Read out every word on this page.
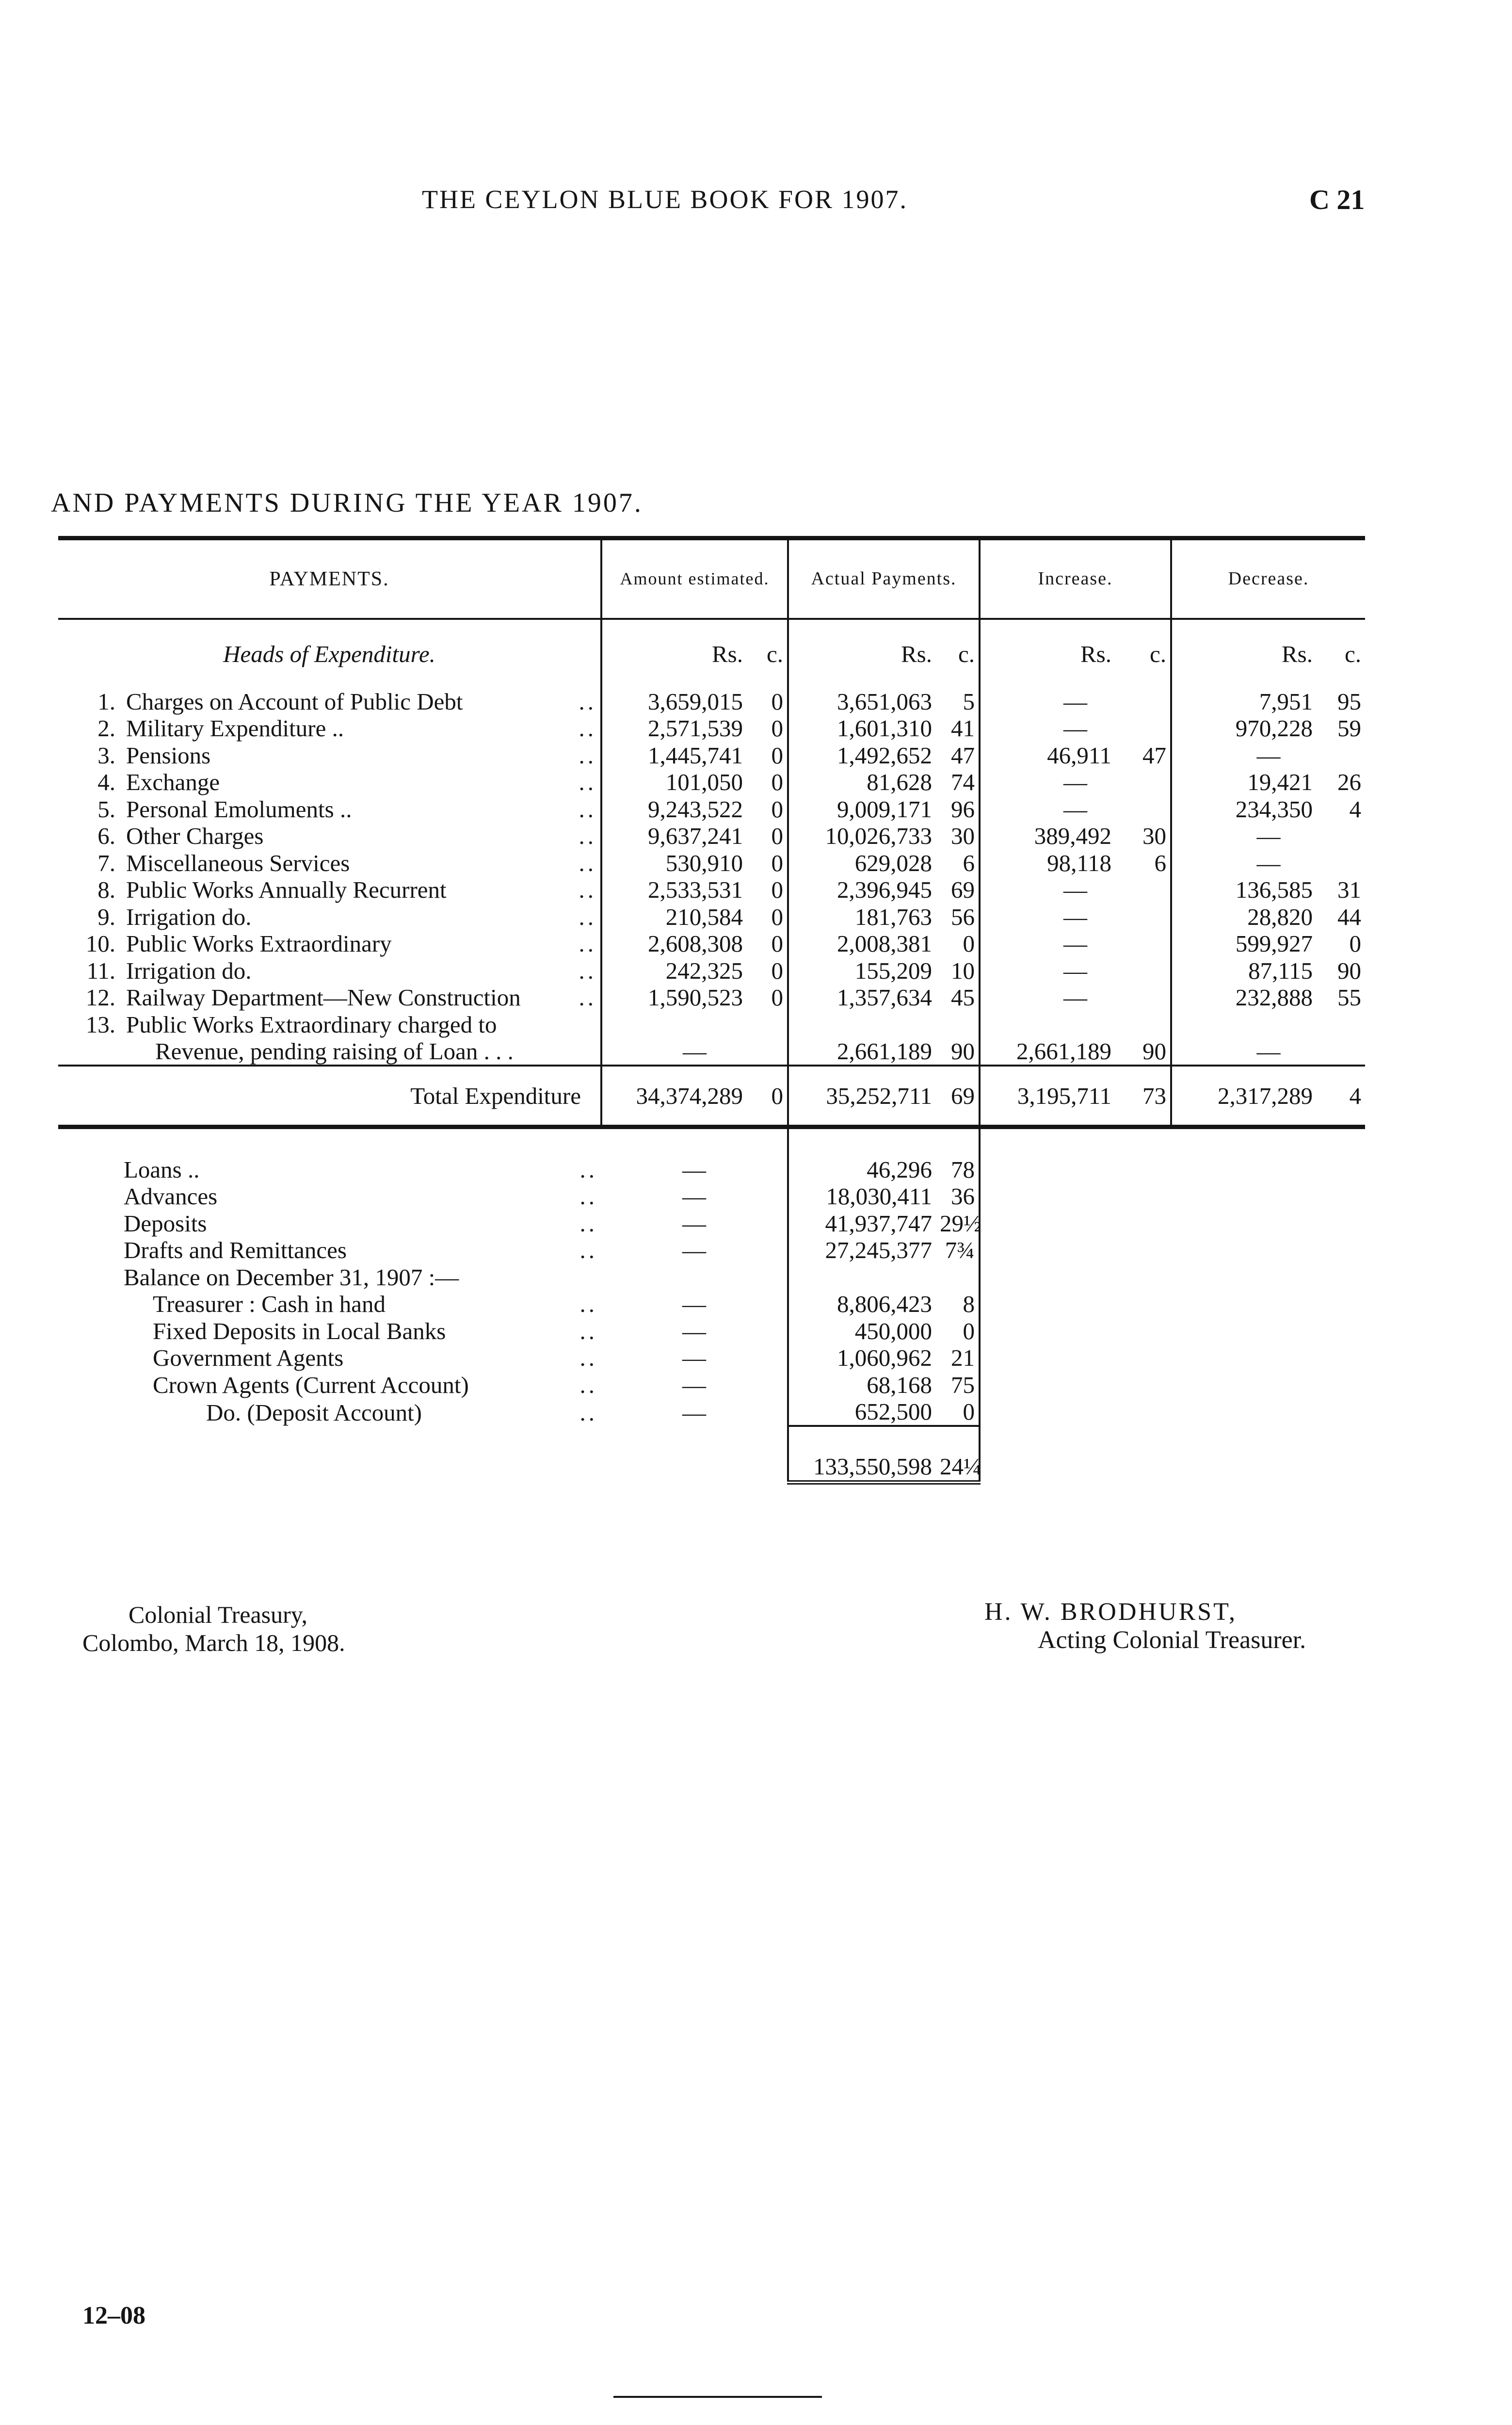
THE CEYLON BLUE BOOK FOR 1907.	C 21
AND PAYMENTS DURING THE YEAR 1907.
PAYMENTS.	Amount estimated.		Actual Payments.		Increase.		Decrease.	
Heads of Expenditure.	Rs.	c.	Rs.	c.	Rs.	c.	Rs.	c.
1. Charges on Account of Public Debt ..	3,659,015	0	3,651,063	5	—		7,951	95
2. Military Expenditure .. ..	2,571,539	0	1,601,310	41	—		970,228	59
3. Pensions ..	1,445,741	0	1,492,652	47	46,911	47	—	
4. Exchange ..	101,050	0	81,628	74	—		19,421	26
5. Personal Emoluments .. ..	9,243,522	0	9,009,171	96	—		234,350	4
6. Other Charges ..	9,637,241	0	10,026,733	30	389,492	30	—	
7. Miscellaneous Services ..	530,910	0	629,028	6	98,118	6	—	
8. Public Works Annually Recurrent ..	2,533,531	0	2,396,945	69	—		136,585	31
9. Irrigation do. ..	210,584	0	181,763	56	—		28,820	44
10. Public Works Extraordinary ..	2,608,308	0	2,008,381	0	—		599,927	0
11. Irrigation do. ..	242,325	0	155,209	10	—		87,115	90
12. Railway Department—New Construction ..	1,590,523	0	1,357,634	45	—		232,888	55
13. Public Works Extraordinary charged to								
Revenue, pending raising of Loan . . .	—		2,661,189	90	2,661,189	90	—	
Total Expenditure	34,374,289	0	35,252,711	69	3,195,711	73	2,317,289	4

Loans .. ..	—		46,296	78				
Advances ..	—		18,030,411	36				
Deposits ..	—		41,937,747	29½				
Drafts and Remittances ..	—		27,245,377	7¾				
Balance on December 31, 1907 :—								
Treasurer : Cash in hand ..	—		8,806,423	8				
Fixed Deposits in Local Banks ..	—		450,000	0				
Government Agents ..	—		1,060,962	21				
Crown Agents (Current Account) ..	—		68,168	75				
Do. (Deposit Account) ..	—		652,500	0				
			133,550,598	24¼				
Colonial Treasury,
Colombo, March 18, 1908.
H. W. BRODHURST,
Acting Colonial Treasurer.
12–08
